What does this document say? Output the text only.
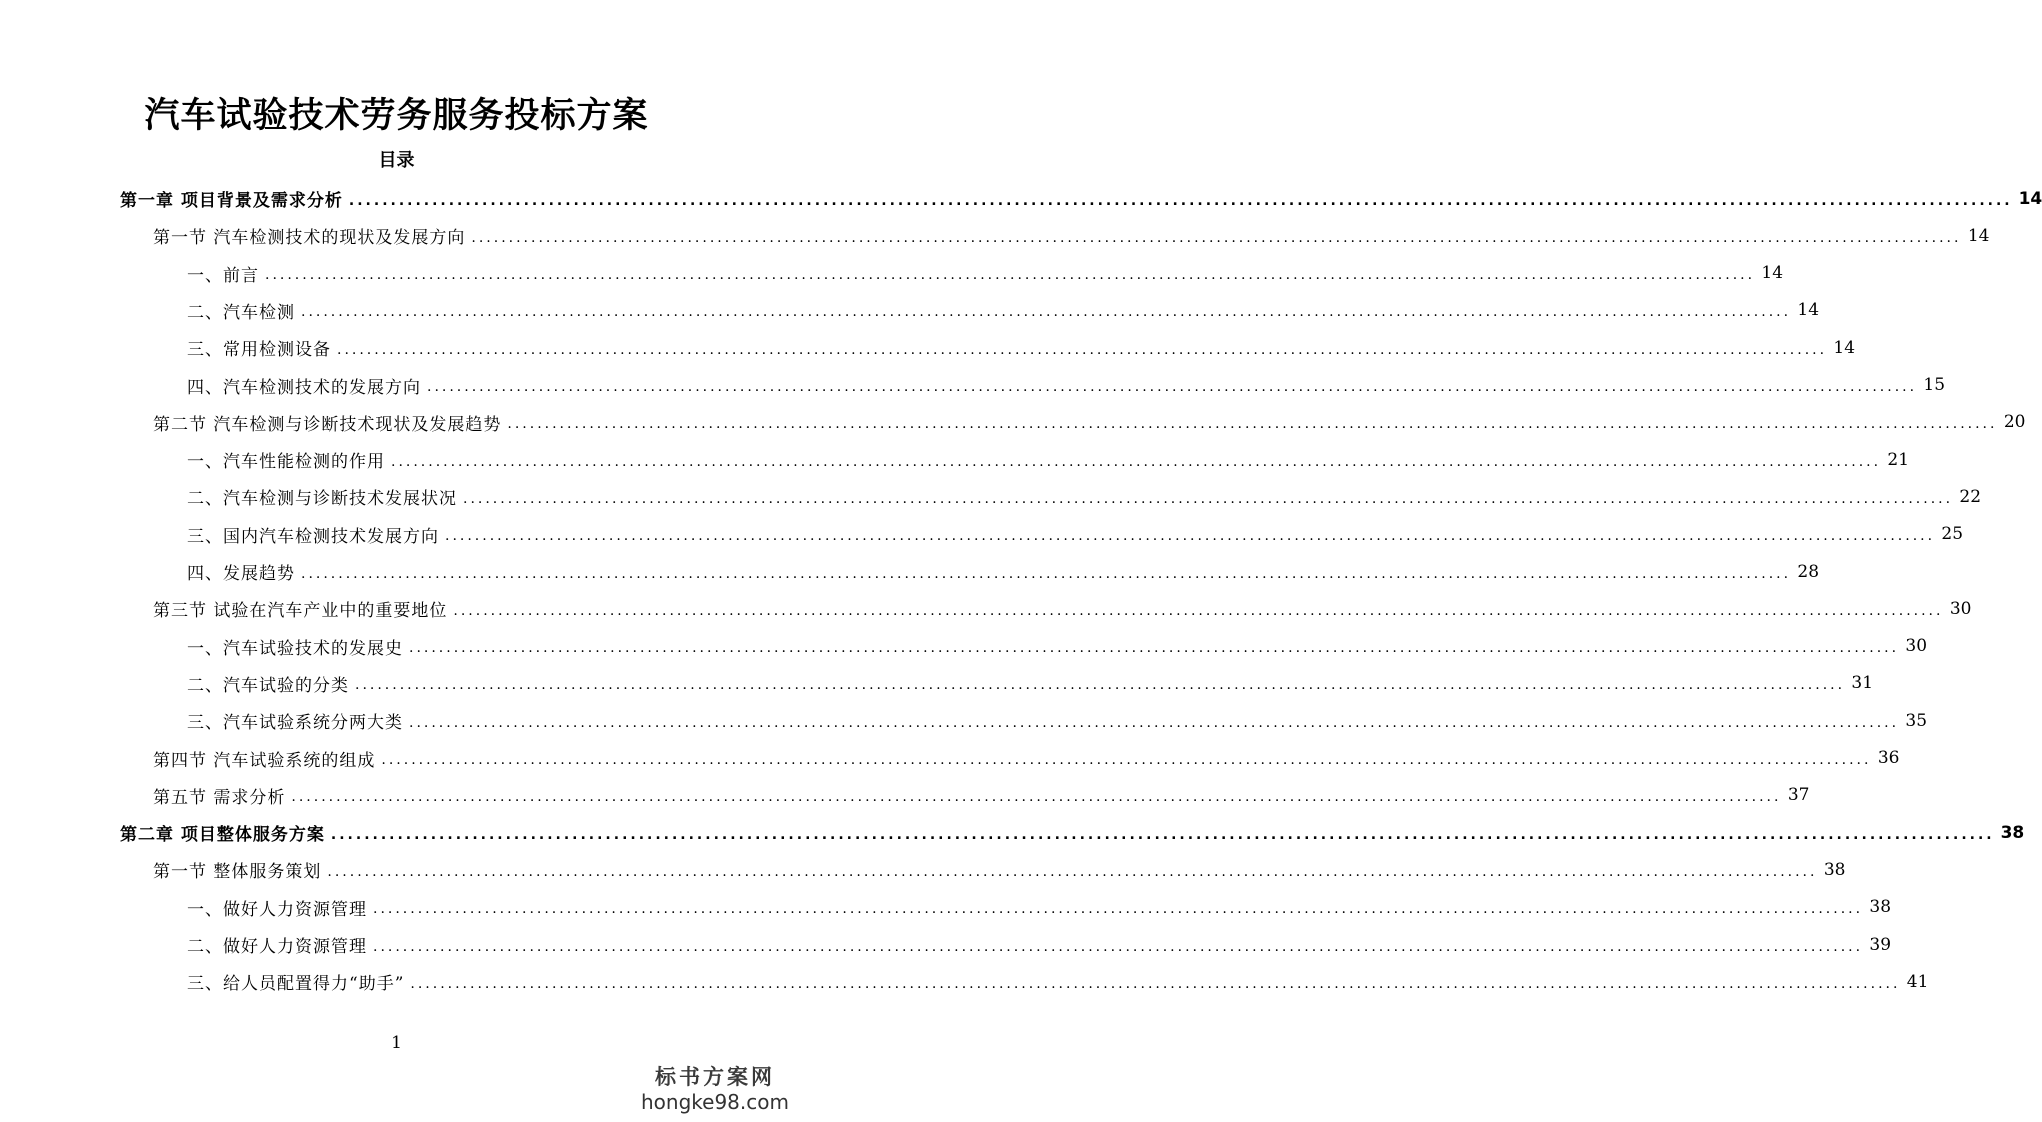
汽车试验技术劳务服务投标方案
目录
第一章 项目背景及需求分析 ........................................................................................................................................................................................................ 14
第一节 汽车检测技术的现状及发展方向 ........................................................................................................................................................................................................ 14
一、前言 ........................................................................................................................................................................................................ 14
二、汽车检测 ........................................................................................................................................................................................................ 14
三、常用检测设备 ........................................................................................................................................................................................................ 14
四、汽车检测技术的发展方向 ........................................................................................................................................................................................................ 15
第二节 汽车检测与诊断技术现状及发展趋势 ........................................................................................................................................................................................................ 20
一、汽车性能检测的作用 ........................................................................................................................................................................................................ 21
二、汽车检测与诊断技术发展状况 ........................................................................................................................................................................................................ 22
三、国内汽车检测技术发展方向 ........................................................................................................................................................................................................ 25
四、发展趋势 ........................................................................................................................................................................................................ 28
第三节 试验在汽车产业中的重要地位 ........................................................................................................................................................................................................ 30
一、汽车试验技术的发展史 ........................................................................................................................................................................................................ 30
二、汽车试验的分类 ........................................................................................................................................................................................................ 31
三、汽车试验系统分两大类 ........................................................................................................................................................................................................ 35
第四节 汽车试验系统的组成 ........................................................................................................................................................................................................ 36
第五节 需求分析 ........................................................................................................................................................................................................ 37
第二章 项目整体服务方案 ........................................................................................................................................................................................................ 38
第一节 整体服务策划 ........................................................................................................................................................................................................ 38
一、做好人力资源管理 ........................................................................................................................................................................................................ 38
二、做好人力资源管理 ........................................................................................................................................................................................................ 39
三、给人员配置得力“助手” ........................................................................................................................................................................................................ 41
1
标书方案网
hongke98.com
